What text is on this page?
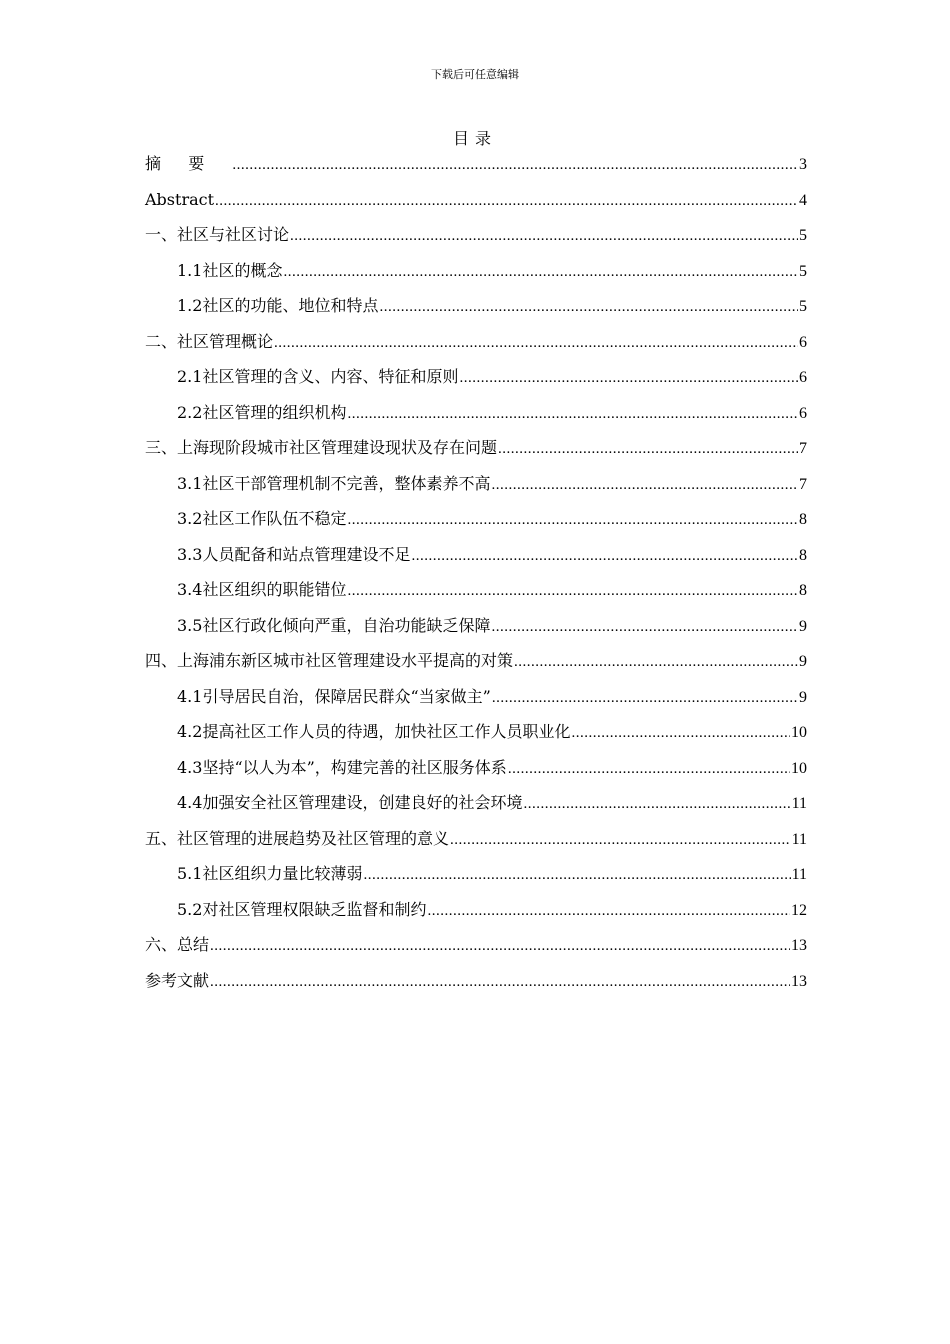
下载后可任意编辑
目录
摘要 .....	3
Abstract .....	4
一、社区与社区讨论 .....	5
1.1社区的概念 .....	5
1.2社区的功能、地位和特点 .....	5
二、社区管理概论 .....	6
2.1社区管理的含义、内容、特征和原则 .....	6
2.2社区管理的组织机构 .....	6
三、上海现阶段城市社区管理建设现状及存在问题 .....	7
3.1社区干部管理机制不完善，整体素养不高 .....	7
3.2社区工作队伍不稳定 .....	8
3.3人员配备和站点管理建设不足 .....	8
3.4社区组织的职能错位 .....	8
3.5社区行政化倾向严重，自治功能缺乏保障 .....	9
四、上海浦东新区城市社区管理建设水平提高的对策 .....	9
4.1引导居民自治，保障居民群众“当家做主” .....	9
4.2提高社区工作人员的待遇，加快社区工作人员职业化 .....	10
4.3坚持“以人为本”，构建完善的社区服务体系 .....	10
4.4加强安全社区管理建设，创建良好的社会环境 .....	11
五、社区管理的进展趋势及社区管理的意义 .....	11
5.1社区组织力量比较薄弱 .....	11
5.2对社区管理权限缺乏监督和制约 .....	12
六、总结 .....	13
参考文献 .....	13
